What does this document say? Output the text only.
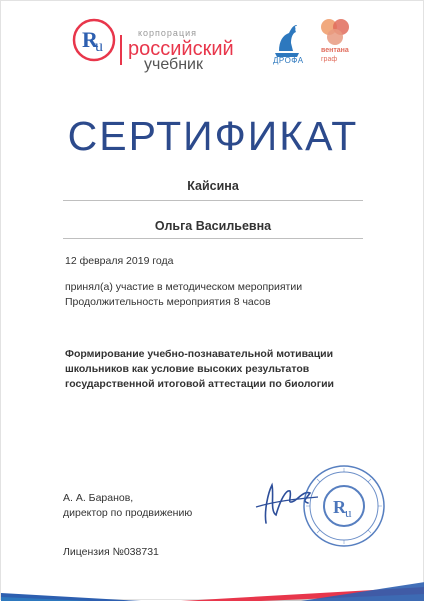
R
u
корпорация
российский
учебник	ДРОФА
вентана
граф
СЕРТИФИКАТ
Кайсина
Ольга Васильевна
12 февраля 2019 года
принял(а) участие в методическом мероприятии
Продолжительность мероприятия 8 часов
Формирование учебно-познавательной мотивации школьников как условие высоких результатов государственной итоговой аттестации по биологии
А. А. Баранов,
директор по продвижению
Лицензия №038731
R u
